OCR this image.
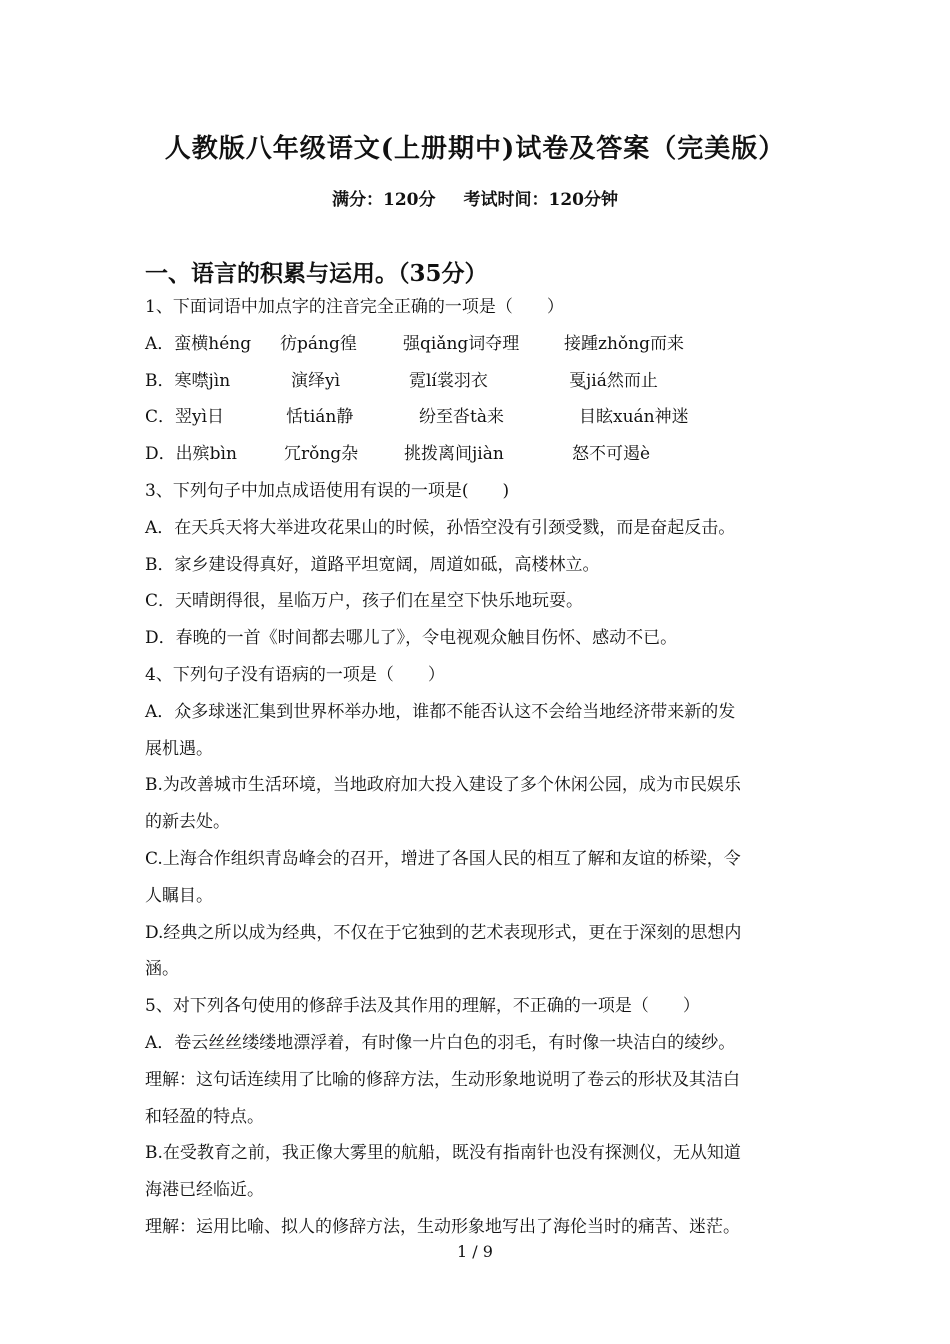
人教版八年级语文(上册期中)试卷及答案（完美版）
满分：120分 考试时间：120分钟
一、语言的积累与运用。（35分）
1、下面词语中加点字的注音完全正确的一项是（　　）
A．蛮横héng	彷páng徨	强qiǎng词夺理	接踵zhǒng而来
B．寒噤jìn	演绎yì	霓lí裳羽衣	戛jiá然而止
C．翌yì日	恬tián静	纷至沓tà来	目眩xuán神迷
D．出殡bìn	冗rǒng杂	挑拨离间jiàn	怒不可遏è
3、下列句子中加点成语使用有误的一项是(　　)
A．在天兵天将大举进攻花果山的时候，孙悟空没有引颈受戮，而是奋起反击。
B．家乡建设得真好，道路平坦宽阔，周道如砥，高楼林立。
C．天晴朗得很，星临万户，孩子们在星空下快乐地玩耍。
D．春晚的一首《时间都去哪儿了》，令电视观众触目伤怀、感动不已。
4、下列句子没有语病的一项是（　　）
A．众多球迷汇集到世界杯举办地，谁都不能否认这不会给当地经济带来新的发
展机遇。
B.为改善城市生活环境，当地政府加大投入建设了多个休闲公园，成为市民娱乐
的新去处。
C.上海合作组织青岛峰会的召开，增进了各国人民的相互了解和友谊的桥梁，令
人瞩目。
D.经典之所以成为经典，不仅在于它独到的艺术表现形式，更在于深刻的思想内
涵。
5、对下列各句使用的修辞手法及其作用的理解，不正确的一项是（　　）
A．卷云丝丝缕缕地漂浮着，有时像一片白色的羽毛，有时像一块洁白的绫纱。
理解：这句话连续用了比喻的修辞方法，生动形象地说明了卷云的形状及其洁白
和轻盈的特点。
B.在受教育之前，我正像大雾里的航船，既没有指南针也没有探测仪，无从知道
海港已经临近。
理解：运用比喻、拟人的修辞方法，生动形象地写出了海伦当时的痛苦、迷茫。
1 / 9
